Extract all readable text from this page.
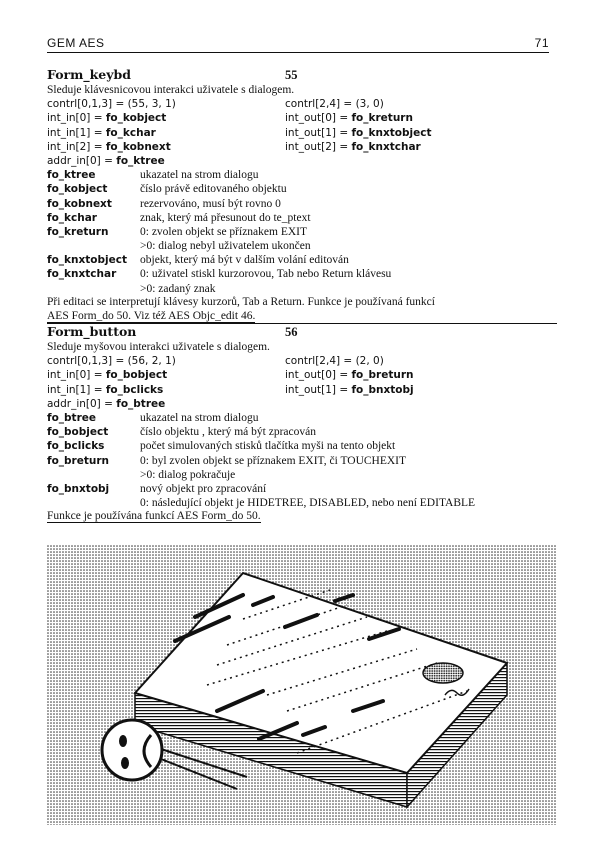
GEM AES	71
Form_keybd	55
Sleduje klávesnicovou interakci uživatele s dialogem.
contrl[0,1,3] = (55, 3, 1)	contrl[2,4] = (3, 0)
int_in[0] = fo_kobject	int_out[0] = fo_kreturn
int_in[1] = fo_kchar	int_out[1] = fo_knxtobject
int_in[2] = fo_kobnext	int_out[2] = fo_knxtchar
addr_in[0] = fo_ktree
fo_ktree	ukazatel na strom dialogu
fo_kobject	číslo právě editovaného objektu
fo_kobnext rezervováno, musí být rovno 0
fo_kchar	znak, který má přesunout do te_ptext
fo_kreturn	0: zvolen objekt se příznakem EXIT
>0: dialog nebyl uživatelem ukončen
fo_knxtobject objekt, který má být v dalším volání editován
fo_knxtchar 0: uživatel stiskl kurzorovou, Tab nebo Return klávesu
>0: zadaný znak
Při editaci se interpretují klávesy kurzorů, Tab a Return. Funkce je používaná funkcí
AES Form_do 50. Viz též AES Objc_edit 46.
Form_button	56
Sleduje myšovou interakci uživatele s dialogem.
contrl[0,1,3] = (56, 2, 1)	contrl[2,4] = (2, 0)
int_in[0] = fo_bobject	int_out[0] = fo_breturn
int_in[1] = fo_bclicks	int_out[1] = fo_bnxtobj
addr_in[0] = fo_btree
fo_btree	ukazatel na strom dialogu
fo_bobject	číslo objektu , který má být zpracován
fo_bclicks	počet simulovaných stisků tlačítka myši na tento objekt
fo_breturn	0: byl zvolen objekt se příznakem EXIT, či TOUCHEXIT
>0: dialog pokračuje
fo_bnxtobj	nový objekt pro zpracování
0: následující objekt je HIDETREE, DISABLED, nebo není EDITABLE
Funkce je používána funkcí AES Form_do 50.
